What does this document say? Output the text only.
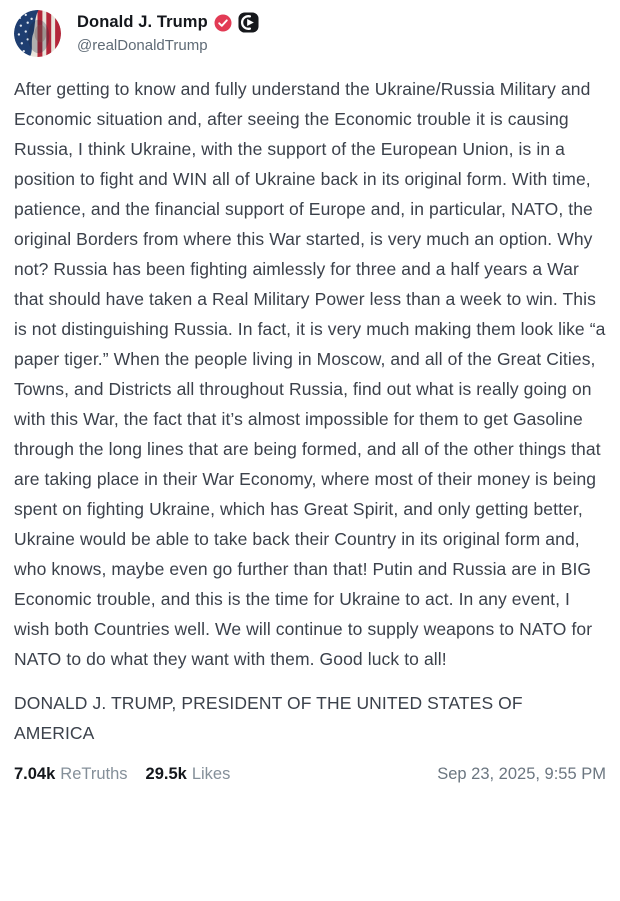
Donald J. Trump
@realDonaldTrump
After getting to know and fully understand the Ukraine/Russia Military and Economic situation and, after seeing the Economic trouble it is causing Russia, I think Ukraine, with the support of the European Union, is in a position to fight and WIN all of Ukraine back in its original form. With time, patience, and the financial support of Europe and, in particular, NATO, the original Borders from where this War started, is very much an option. Why not? Russia has been fighting aimlessly for three and a half years a War that should have taken a Real Military Power less than a week to win. This is not distinguishing Russia. In fact, it is very much making them look like “a paper tiger.” When the people living in Moscow, and all of the Great Cities, Towns, and Districts all throughout Russia, find out what is really going on with this War, the fact that it’s almost impossible for them to get Gasoline through the long lines that are being formed, and all of the other things that are taking place in their War Economy, where most of their money is being spent on fighting Ukraine, which has Great Spirit, and only getting better, Ukraine would be able to take back their Country in its original form and, who knows, maybe even go further than that! Putin and Russia are in BIG Economic trouble, and this is the time for Ukraine to act. In any event, I wish both Countries well. We will continue to supply weapons to NATO for NATO to do what they want with them. Good luck to all!
DONALD J. TRUMP, PRESIDENT OF THE UNITED STATES OF AMERICA
7.04k ReTruths 29.5k Likes	Sep 23, 2025, 9:55 PM
